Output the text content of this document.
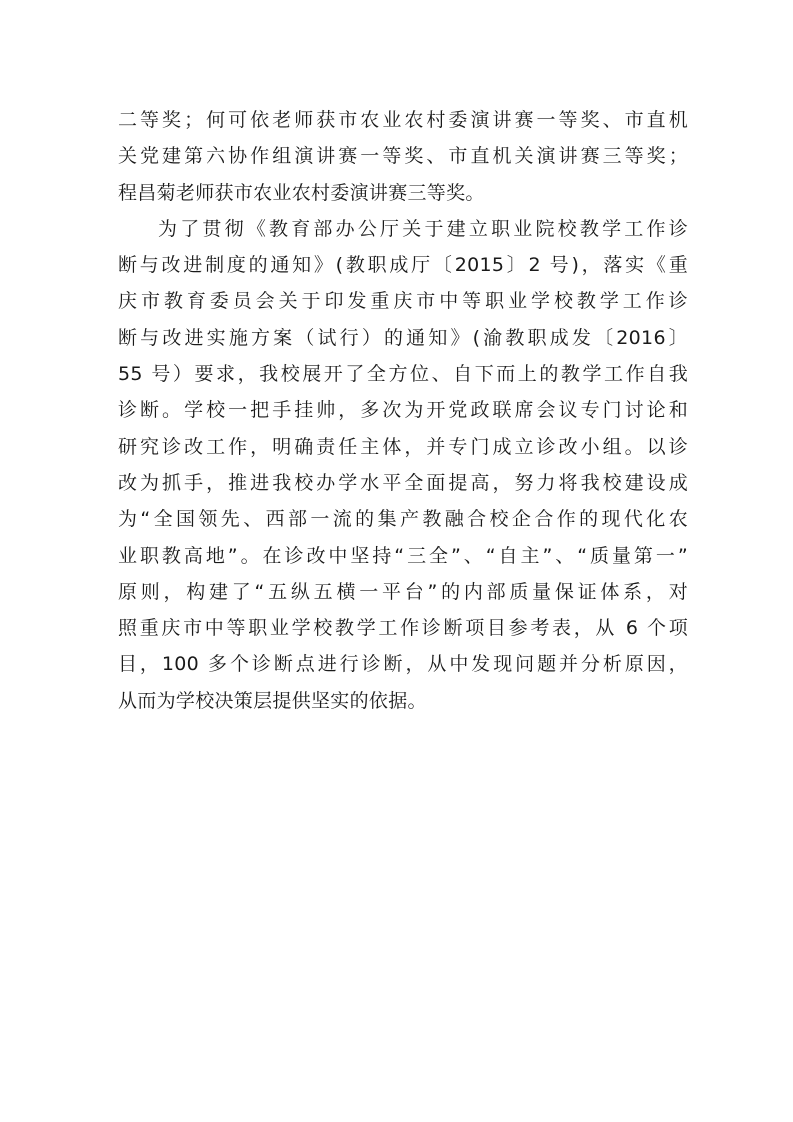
二等奖；何可依老师获市农业农村委演讲赛一等奖、市直机
关党建第六协作组演讲赛一等奖、市直机关演讲赛三等奖；
程昌菊老师获市农业农村委演讲赛三等奖。
为了贯彻《教育部办公厅关于建立职业院校教学工作诊
断与改进制度的通知》(教职成厅〔2015〕2 号)，落实《重
庆市教育委员会关于印发重庆市中等职业学校教学工作诊
断与改进实施方案（试行）的通知》(渝教职成发〔2016〕
55 号）要求，我校展开了全方位、自下而上的教学工作自我
诊断。学校一把手挂帅，多次为开党政联席会议专门讨论和
研究诊改工作，明确责任主体，并专门成立诊改小组。以诊
改为抓手，推进我校办学水平全面提高，努力将我校建设成
为“全国领先、西部一流的集产教融合校企合作的现代化农
业职教高地”。在诊改中坚持“三全”、“自主”、“质量第一”
原则，构建了“五纵五横一平台”的内部质量保证体系，对
照重庆市中等职业学校教学工作诊断项目参考表，从 6 个项
目，100 多个诊断点进行诊断，从中发现问题并分析原因，
从而为学校决策层提供坚实的依据。
